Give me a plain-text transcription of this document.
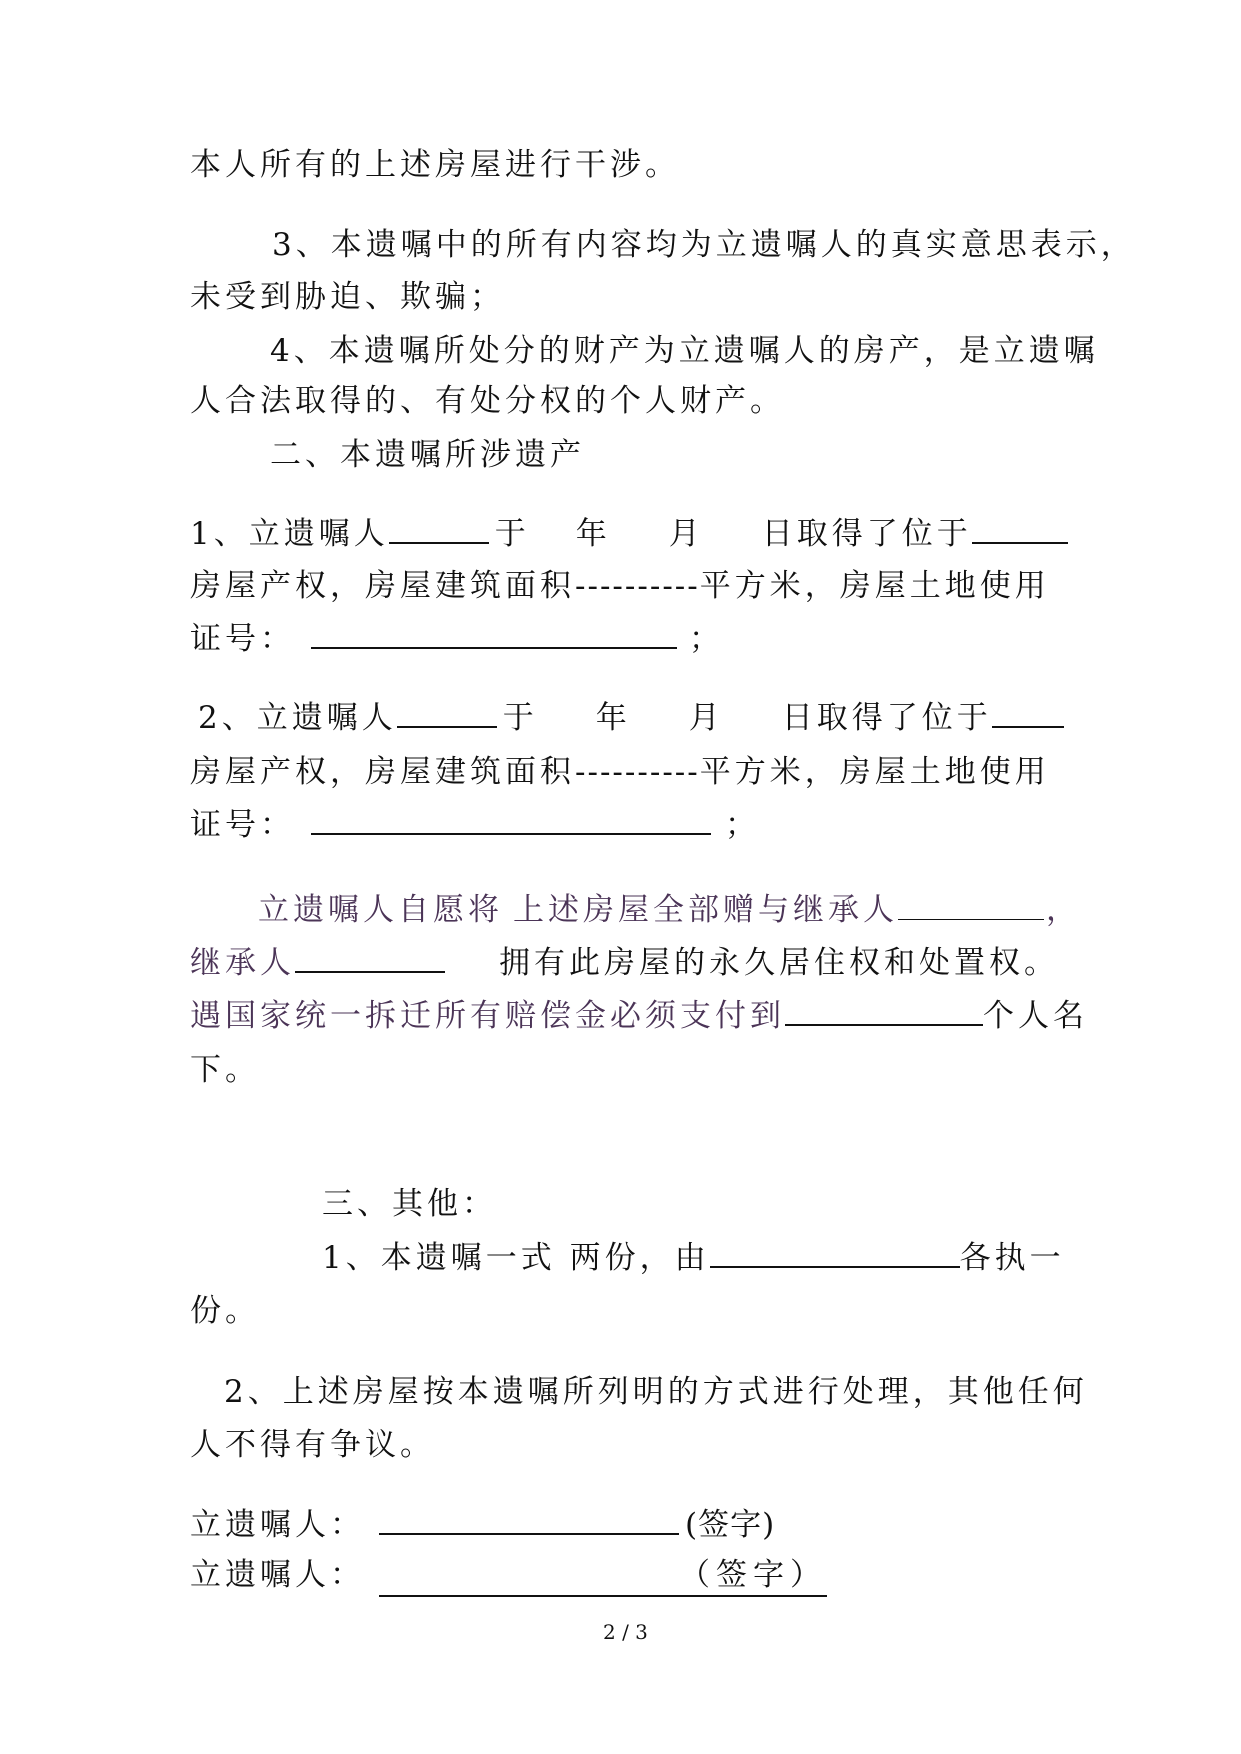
本人所有的上述房屋进行干涉。
3、本遗嘱中的所有内容均为立遗嘱人的真实意思表示，
未受到胁迫、欺骗；
4、本遗嘱所处分的财产为立遗嘱人的房产，是立遗嘱
人合法取得的、有处分权的个人财产。
二、本遗嘱所涉遗产
1、立遗嘱人	于 年 月 日取得了位于
房屋产权，房屋建筑面积----------平方米，房屋土地使用
证号：	；
2、立遗嘱人	于 年 月 日取得了位于
房屋产权，房屋建筑面积----------平方米，房屋土地使用
证号：	；
立遗嘱人自愿将 上述房屋全部赠与继承人	，
继承人	拥有此房屋的永久居住权和处置权。
遇国家统一拆迁所有赔偿金必须支付到	个人名
下。
三、其他：
1、本遗嘱一式 两份，由	各执一
份。
2、上述房屋按本遗嘱所列明的方式进行处理，其他任何
人不得有争议。
立遗嘱人：	(签字)
立遗嘱人：	（签字）
2 / 3
